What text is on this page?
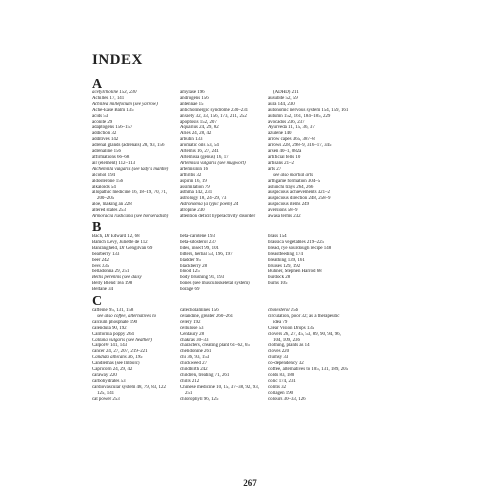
INDEX
A
acetylcholine 153, 230
Achilles 17, 141
Achillea millefolium (see yarrow)
Ache-Ease Balm 135
acids 53
aconite 29
adaptogens 156–157
addiction 32
additives 142
adrenal glands (adrenals) 28, 93, 156
adrenaline 156
affirmations 66–68
air (element) 112–113
Alchemilla vulgaris (see lady's mantle)
alcohol 194
aldosterone 156
alkaloids 54
allopathic medicine 16, 18–19, 70, 71,
200–205
aloe, making an 228
altered states 253
Armoracia rusticana (see horseradish)
amylase 196
androgens 156
antennae 15
anticholinergic syndrome 230–231
anxiety 32, 33, 156, 173, 211, 252
apoptosis 152, 207
Aquarius 24, 29, 82
Aries 24, 28, 42
arbutin 133
aromatic oils 53, 54
Artemis 16, 27, 241
Artemisia (genus) 16, 17
Artemisia vulgaris (see mugwort)
artemisinin 16
arthritis 32
aspirin 16, 19
assimilation 79
asthma 142, 231
astrology 18, 24–29, 73
Astronomia (a typic poem) 24
atropine 230
attention deficit hyperactivity disorder
(ADHD) 211
ausubite 52, 59
aura 144, 230
autonomic nervous system 154, 159, 161
autumn 152, 161, 184–185, 229
avocados 236, 237
Ayurveda 11, 15, 36, 37
azulene 140
arrow capes 365, 387–8
arrows 228, 298–9, 316–17, 345
arsen 40–1, 082a
artificial fells 10
artisans 21–2
arts 27
see also martial arts
arthgame formation 304–5
ashinchi trays 264, 266
auspicious achievements 321–2
auspicious direction 248, 258–9
auspicious items 249
aversions 58–9
awasa terms 232
B
Bach, Dr Edward 12, 68
Bamch Levy, Juliette de 112
Banrangheld, Dr Gengilvan 69
bearberry 133
beer 242
bees 135
belladonna 29, 251
Bellis perennis (see daisy
Belly Blend Tea 198
Beltane 34
beta-carotene 193
beta-sitosterol 237
bites, insect 99, 101
bitters, herbal 53, 196, 197
bladder 95
blackberry 28
blood 125
body brushing 91, 193
bones (see musculoskeletal system)
borage 69
brass 154
brassica vegetables 219–225
bread, rye sourdough recipe 148
breastfeeding 174
breathing 139, 161
bruises 129, 192
Buhner, Stephen Harrod 68
burdock 28
burns 105
C
caffeine 95, 131, 158
see also coffee, alternatives to
calcium phosphate 190
calendula 90, 192
California poppy 264
Calluna vulgaris (see heather)
Calpol® 141, 143
cancer 24, 27, 207, 219–221
Candida albicans 36, 195
Candlemas (see Imbolc)
Capricorn 24, 29, 42
caraway 220
carbohydrates 53
cardiovascular system 48, 79, 83, 122
125, 141
cat power 253
catecholamines 156
celandine, greater 260–261
celery 192
cellulose 53
Centaury 28
chakras 30–33
characters, creating plant 61–62, 65
chelidonine 261
chi 36, 93, 153
chickweed 27
childbirth 242
children, treating 71, 261
chills 212
Chinese medicine 10, 15, 37–38, 92, 93,
251
chlorophyll 96, 125
cholesterol 156
circulation, poor 32; as a therapeutic
idea 79
Clear Vision Drops 135
clovers 26, 27, 45, 53, 89, 90, 94, 96,
104, 109, 236
clothing, plants as 14
cloves 220
clumsy 33
co-dependency 32
coffee, alternatives to 105, 131, 189, 205
colds 83, 180
colic 174, 231
colitis 32
collagen 190
colours 30–33, 126
267
